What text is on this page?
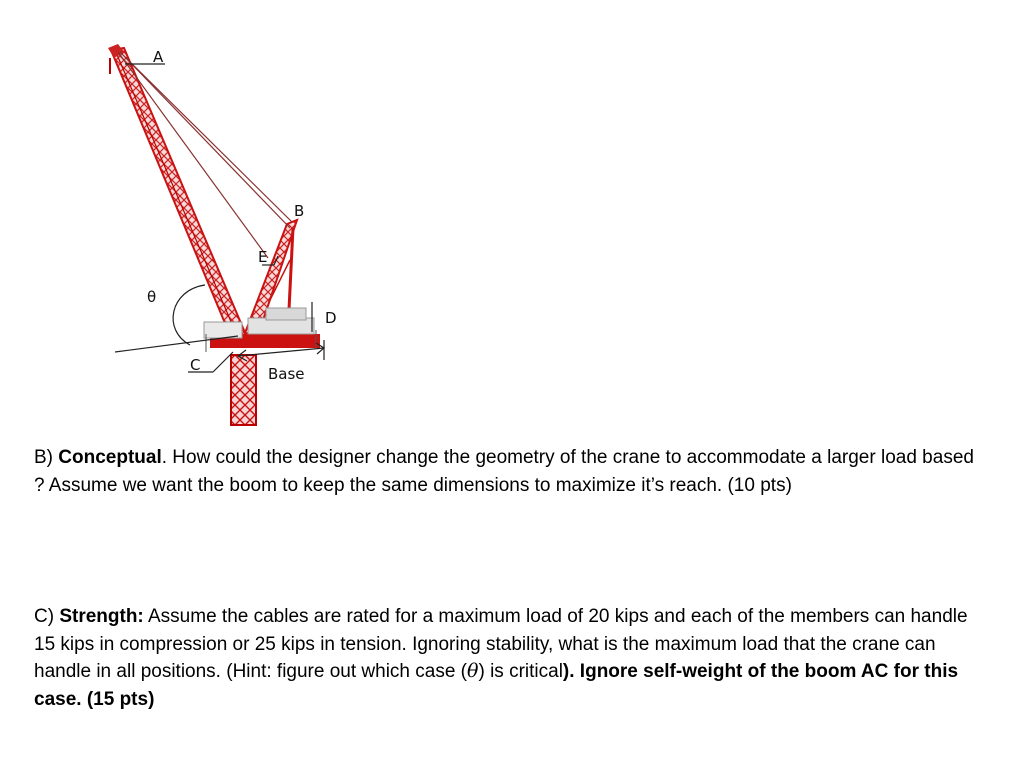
A
B
E
θ
D
C	Base
B) Conceptual. How could the designer change the geometry of the crane to accommodate a larger load based ? Assume we want the boom to keep the same dimensions to maximize it’s reach. (10 pts)
C) Strength: Assume the cables are rated for a maximum load of 20 kips and each of the members can handle 15 kips in compression or 25 kips in tension. Ignoring stability, what is the maximum load that the crane can handle in all positions. (Hint: figure out which case (θ) is critical). Ignore self-weight of the boom AC for this case. (15 pts)
